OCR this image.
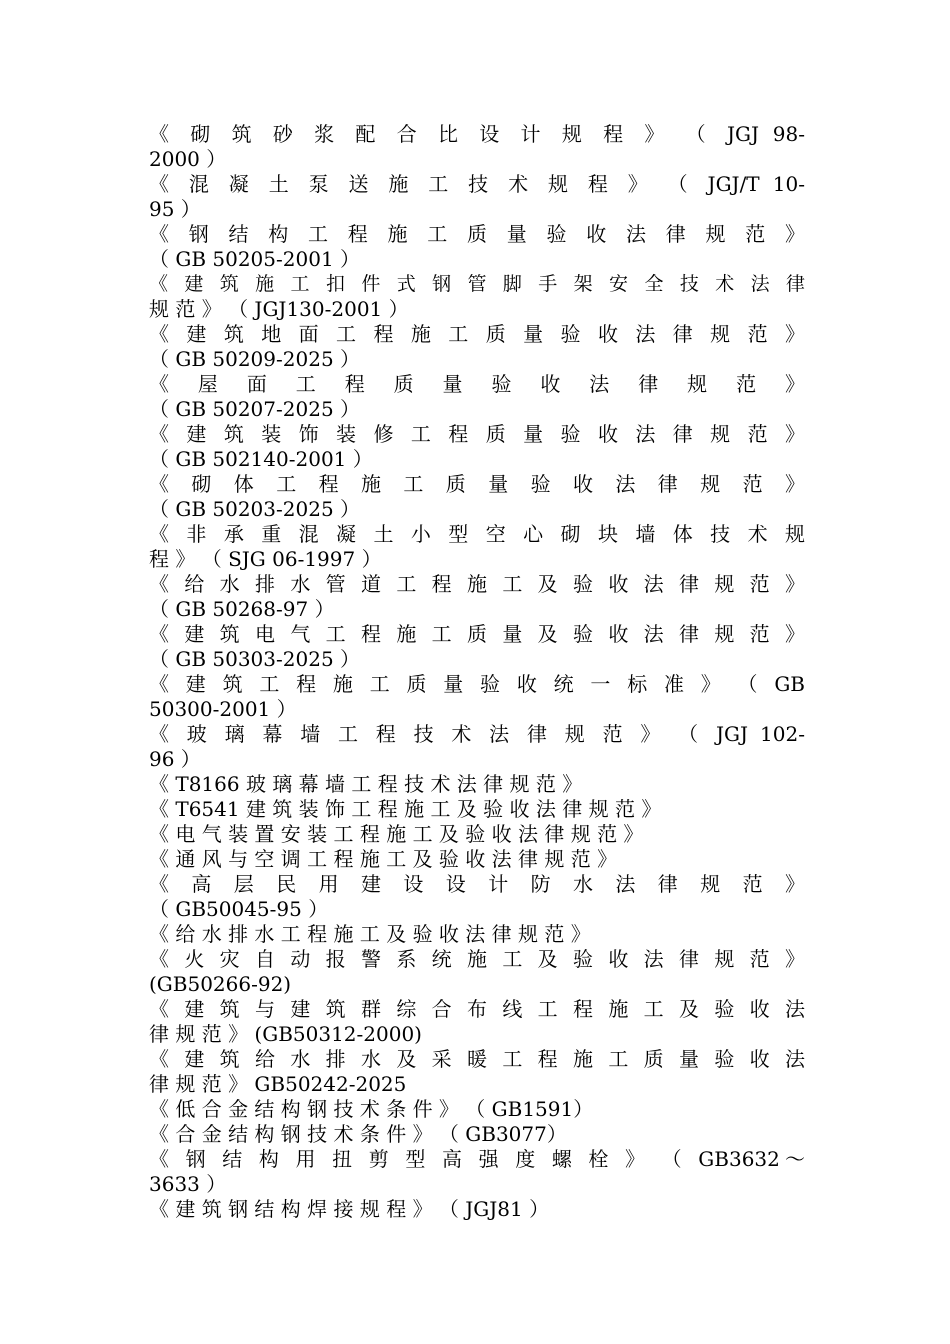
《 砌 筑 砂 浆 配 合 比 设 计 规 程 》 （ JGJ 98-
2000 ）
《 混 凝 土 泵 送 施 工 技 术 规 程 》 （ JGJ/T 10-
95 ）
《 钢 结 构 工 程 施 工 质 量 验 收 法 律 规 范 》
（ GB 50205-2001 ）
《 建 筑 施 工 扣 件 式 钢 管 脚 手 架 安 全 技 术 法 律
规 范 》 （ JGJ130-2001 ）
《 建 筑 地 面 工 程 施 工 质 量 验 收 法 律 规 范 》
（ GB 50209-2025 ）
《 屋 面 工 程 质 量 验 收 法 律 规 范 》
（ GB 50207-2025 ）
《 建 筑 装 饰 装 修 工 程 质 量 验 收 法 律 规 范 》
（ GB 502140-2001 ）
《 砌 体 工 程 施 工 质 量 验 收 法 律 规 范 》
（ GB 50203-2025 ）
《 非 承 重 混 凝 土 小 型 空 心 砌 块 墙 体 技 术 规
程 》 （ SJG 06-1997 ）
《 给 水 排 水 管 道 工 程 施 工 及 验 收 法 律 规 范 》
（ GB 50268-97 ）
《 建 筑 电 气 工 程 施 工 质 量 及 验 收 法 律 规 范 》
（ GB 50303-2025 ）
《 建 筑 工 程 施 工 质 量 验 收 统 一 标 准 》 （ GB
50300-2001 ）
《 玻 璃 幕 墙 工 程 技 术 法 律 规 范 》 （ JGJ 102-
96 ）
《 T8166 玻 璃 幕 墙 工 程 技 术 法 律 规 范 》
《 T6541 建 筑 装 饰 工 程 施 工 及 验 收 法 律 规 范 》
《 电 气 装 置 安 装 工 程 施 工 及 验 收 法 律 规 范 》
《 通 风 与 空 调 工 程 施 工 及 验 收 法 律 规 范 》
《 高 层 民 用 建 设 设 计 防 水 法 律 规 范 》
（ GB50045-95 ）
《 给 水 排 水 工 程 施 工 及 验 收 法 律 规 范 》
《 火 灾 自 动 报 警 系 统 施 工 及 验 收 法 律 规 范 》
(GB50266-92)
《 建 筑 与 建 筑 群 综 合 布 线 工 程 施 工 及 验 收 法
律 规 范 》 (GB50312-2000)
《 建 筑 给 水 排 水 及 采 暖 工 程 施 工 质 量 验 收 法
律 规 范 》 GB50242-2025
《 低 合 金 结 构 钢 技 术 条 件 》 （ GB1591）
《 合 金 结 构 钢 技 术 条 件 》 （ GB3077）
《 钢 结 构 用 扭 剪 型 高 强 度 螺 栓 》 （ GB3632～
3633 ）
《 建 筑 钢 结 构 焊 接 规 程 》 （ JGJ81 ）
